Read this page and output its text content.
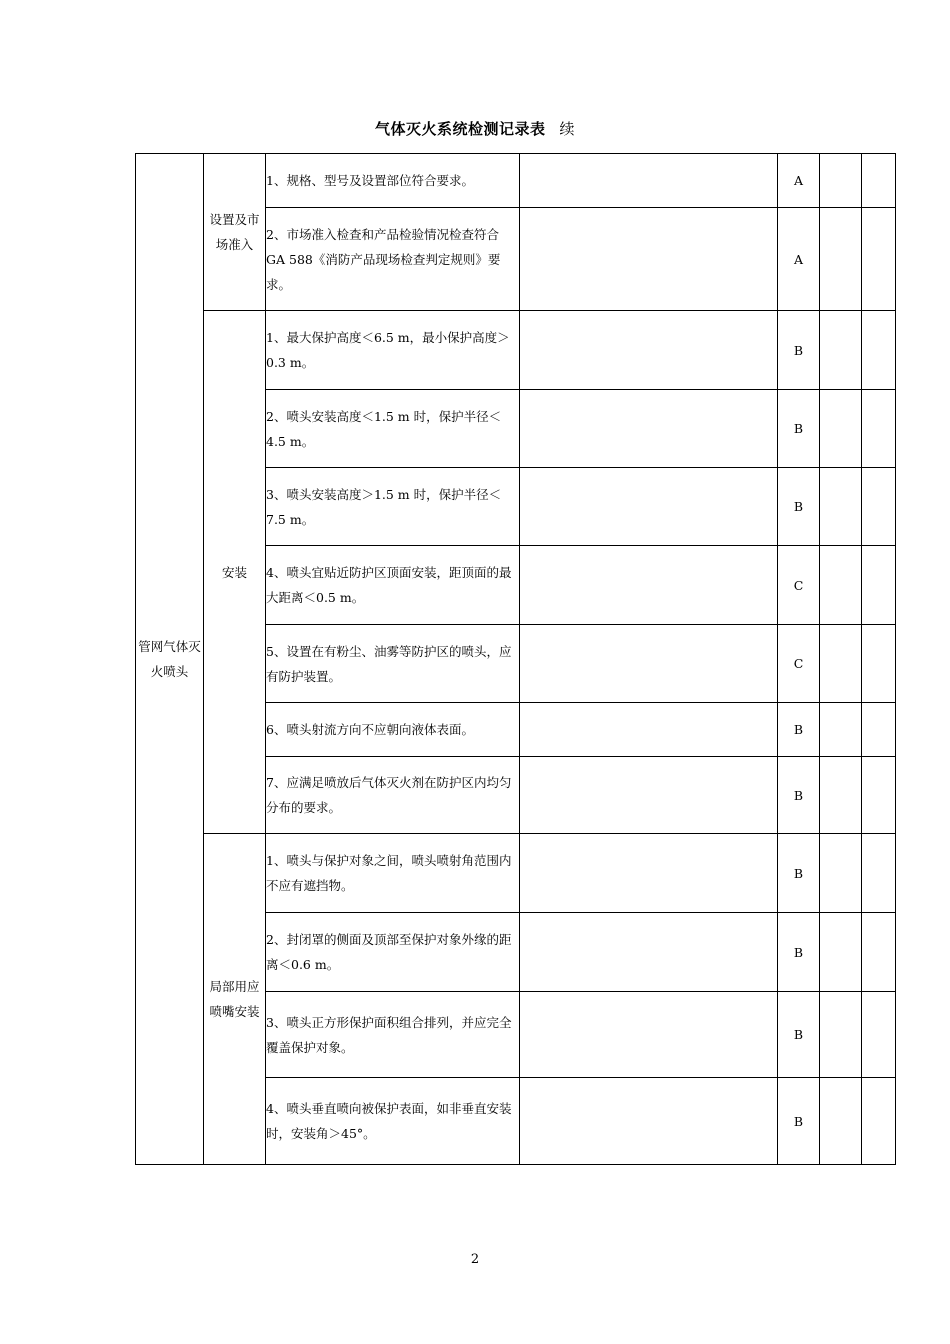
气体灭火系统检测记录表 续
管网气体灭火喷头	设置及市场准入	1、规格、型号及设置部位符合要求。		A		
		2、市场准入检查和产品检验情况检查符合 GA 588《消防产品现场检查判定规则》要求。		A		
	安装	1、最大保护高度＜6.5 m，最小保护高度＞0.3 m。		B		
		2、喷头安装高度＜1.5 m 时，保护半径＜4.5 m。		B		
		3、喷头安装高度＞1.5 m 时，保护半径＜7.5 m。		B		
		4、喷头宜贴近防护区顶面安装，距顶面的最大距离＜0.5 m。		C		
		5、设置在有粉尘、油雾等防护区的喷头，应有防护装置。		C		
		6、喷头射流方向不应朝向液体表面。		B		
		7、应满足喷放后气体灭火剂在防护区内均匀分布的要求。		B		
	局部用应喷嘴安装	1、喷头与保护对象之间，喷头喷射角范围内不应有遮挡物。		B		
		2、封闭罩的侧面及顶部至保护对象外缘的距离＜0.6 m。		B		
		3、喷头正方形保护面积组合排列，并应完全覆盖保护对象。		B		
		4、喷头垂直喷向被保护表面，如非垂直安装时，安装角＞45°。		B		
2
